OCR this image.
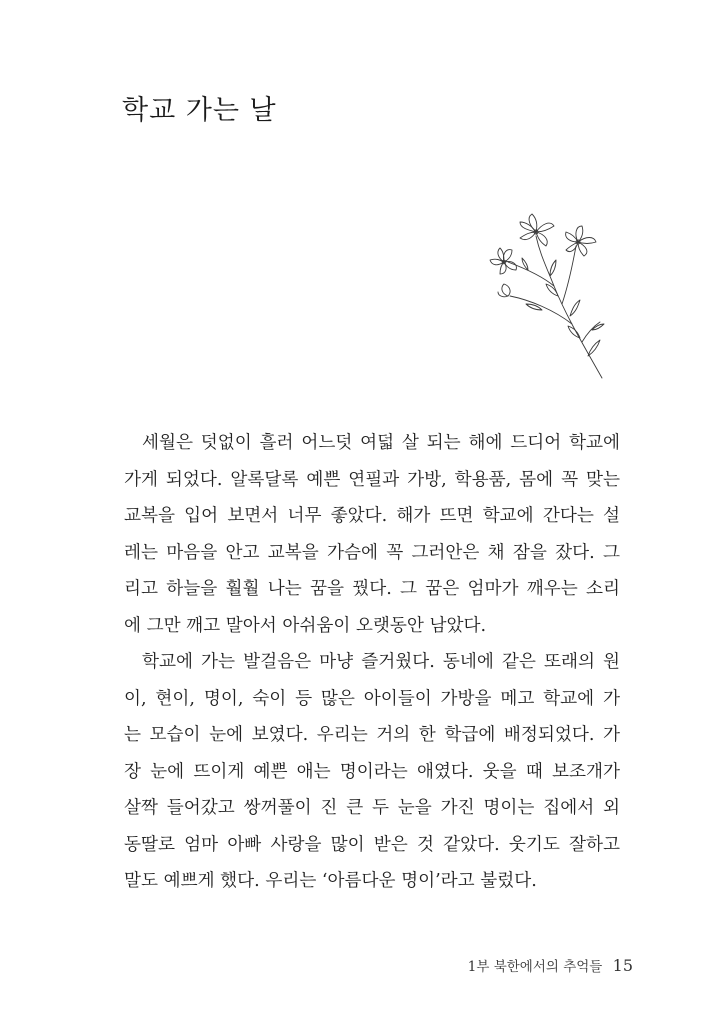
학교 가는 날
세월은 덧없이 흘러 어느덧 여덟 살 되는 해에 드디어 학교에
가게 되었다. 알록달록 예쁜 연필과 가방, 학용품, 몸에 꼭 맞는
교복을 입어 보면서 너무 좋았다. 해가 뜨면 학교에 간다는 설
레는 마음을 안고 교복을 가슴에 꼭 그러안은 채 잠을 잤다. 그
리고 하늘을 훨훨 나는 꿈을 꿨다. 그 꿈은 엄마가 깨우는 소리
에 그만 깨고 말아서 아쉬움이 오랫동안 남았다.
학교에 가는 발걸음은 마냥 즐거웠다. 동네에 같은 또래의 원
이, 현이, 명이, 숙이 등 많은 아이들이 가방을 메고 학교에 가
는 모습이 눈에 보였다. 우리는 거의 한 학급에 배정되었다. 가
장 눈에 뜨이게 예쁜 애는 명이라는 애였다. 웃을 때 보조개가
살짝 들어갔고 쌍꺼풀이 진 큰 두 눈을 가진 명이는 집에서 외
동딸로 엄마 아빠 사랑을 많이 받은 것 같았다. 웃기도 잘하고
말도 예쁘게 했다. 우리는 ‘아름다운 명이’라고 불렀다.
1부 북한에서의 추억들 15
